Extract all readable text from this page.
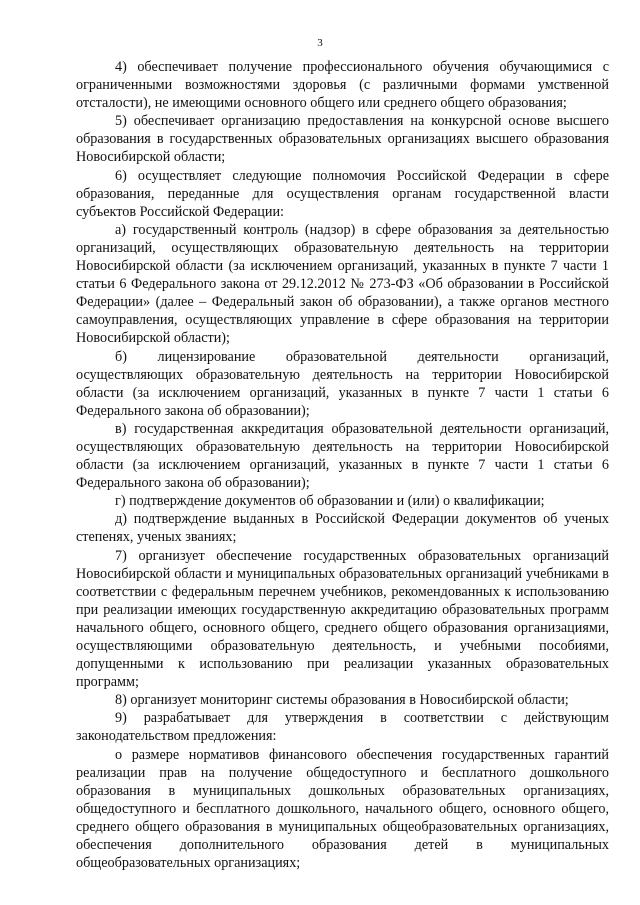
3

4) обеспечивает получение профессионального обучения обучающимися с ограниченными возможностями здоровья (с различными формами умственной отсталости), не имеющими основного общего или среднего общего образования;

5) обеспечивает организацию предоставления на конкурсной основе высшего образования в государственных образовательных организациях высшего образования Новосибирской области;

6) осуществляет следующие полномочия Российской Федерации в сфере образования, переданные для осуществления органам государственной власти субъектов Российской Федерации:

а) государственный контроль (надзор) в сфере образования за деятельностью организаций, осуществляющих образовательную деятельность на территории Новосибирской области (за исключением организаций, указанных в пункте 7 части 1 статьи 6 Федерального закона от 29.12.2012 № 273-ФЗ «Об образовании в Российской Федерации» (далее – Федеральный закон об образовании), а также органов местного самоуправления, осуществляющих управление в сфере образования на территории Новосибирской области);

б) лицензирование образовательной деятельности организаций, осуществляющих образовательную деятельность на территории Новосибирской области (за исключением организаций, указанных в пункте 7 части 1 статьи 6 Федерального закона об образовании);

в) государственная аккредитация образовательной деятельности организаций, осуществляющих образовательную деятельность на территории Новосибирской области (за исключением организаций, указанных в пункте 7 части 1 статьи 6 Федерального закона об образовании);

г) подтверждение документов об образовании и (или) о квалификации;

д) подтверждение выданных в Российской Федерации документов об ученых степенях, ученых званиях;

7) организует обеспечение государственных образовательных организаций Новосибирской области и муниципальных образовательных организаций учебниками в соответствии с федеральным перечнем учебников, рекомендованных к использованию при реализации имеющих государственную аккредитацию образовательных программ начального общего, основного общего, среднего общего образования организациями, осуществляющими образовательную деятельность, и учебными пособиями, допущенными к использованию при реализации указанных образовательных программ;

8) организует мониторинг системы образования в Новосибирской области;

9) разрабатывает для утверждения в соответствии с действующим законодательством предложения:

о размере нормативов финансового обеспечения государственных гарантий реализации прав на получение общедоступного и бесплатного дошкольного образования в муниципальных дошкольных образовательных организациях, общедоступного и бесплатного дошкольного, начального общего, основного общего, среднего общего образования в муниципальных общеобразовательных организациях, обеспечения дополнительного образования детей в муниципальных общеобразовательных организациях;
